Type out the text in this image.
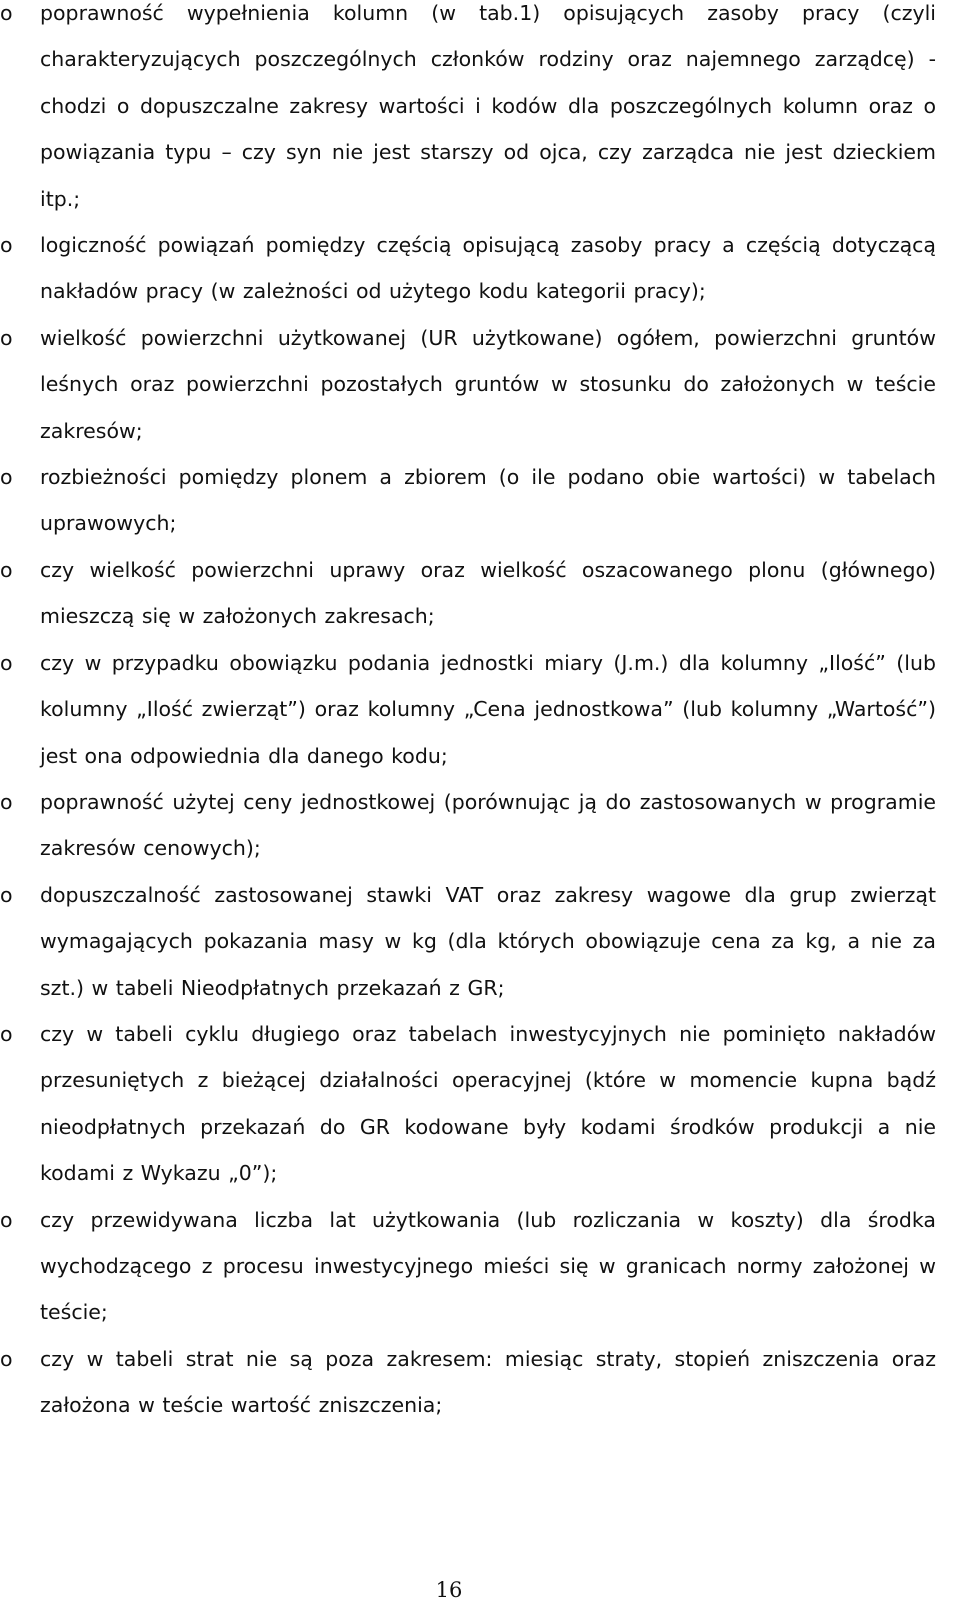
o	poprawność wypełnienia kolumn (w tab.1) opisujących zasoby pracy (czyli charakteryzujących poszczególnych członków rodziny oraz najemnego zarządcę) - chodzi o dopuszczalne zakresy wartości i kodów dla poszczególnych kolumn oraz o powiązania typu – czy syn nie jest starszy od ojca, czy zarządca nie jest dzieckiem itp.;
o	logiczność powiązań pomiędzy częścią opisującą zasoby pracy a częścią dotyczącą nakładów pracy (w zależności od użytego kodu kategorii pracy);
o	wielkość powierzchni użytkowanej (UR użytkowane) ogółem, powierzchni gruntów leśnych oraz powierzchni pozostałych gruntów w stosunku do założonych w teście zakresów;
o	rozbieżności pomiędzy plonem a zbiorem (o ile podano obie wartości) w tabelach uprawowych;
o	czy wielkość powierzchni uprawy oraz wielkość oszacowanego plonu (głównego) mieszczą się w założonych zakresach;
o	czy w przypadku obowiązku podania jednostki miary (J.m.) dla kolumny „Ilość” (lub kolumny „Ilość zwierząt”) oraz kolumny „Cena jednostkowa” (lub kolumny „Wartość”) jest ona odpowiednia dla danego kodu;
o	poprawność użytej ceny jednostkowej (porównując ją do zastosowanych w programie zakresów cenowych);
o	dopuszczalność zastosowanej stawki VAT oraz zakresy wagowe dla grup zwierząt wymagających pokazania masy w kg (dla których obowiązuje cena za kg, a nie za szt.) w tabeli Nieodpłatnych przekazań z GR;
o	czy w tabeli cyklu długiego oraz tabelach inwestycyjnych nie pominięto nakładów przesuniętych z bieżącej działalności operacyjnej (które w momencie kupna bądź nieodpłatnych przekazań do GR kodowane były kodami środków produkcji a nie kodami z Wykazu „0”);
o	czy przewidywana liczba lat użytkowania (lub rozliczania w koszty) dla środka wychodzącego z procesu inwestycyjnego mieści się w granicach normy założonej w teście;
o	czy w tabeli strat nie są poza zakresem: miesiąc straty, stopień zniszczenia oraz założona w teście wartość zniszczenia;
16
